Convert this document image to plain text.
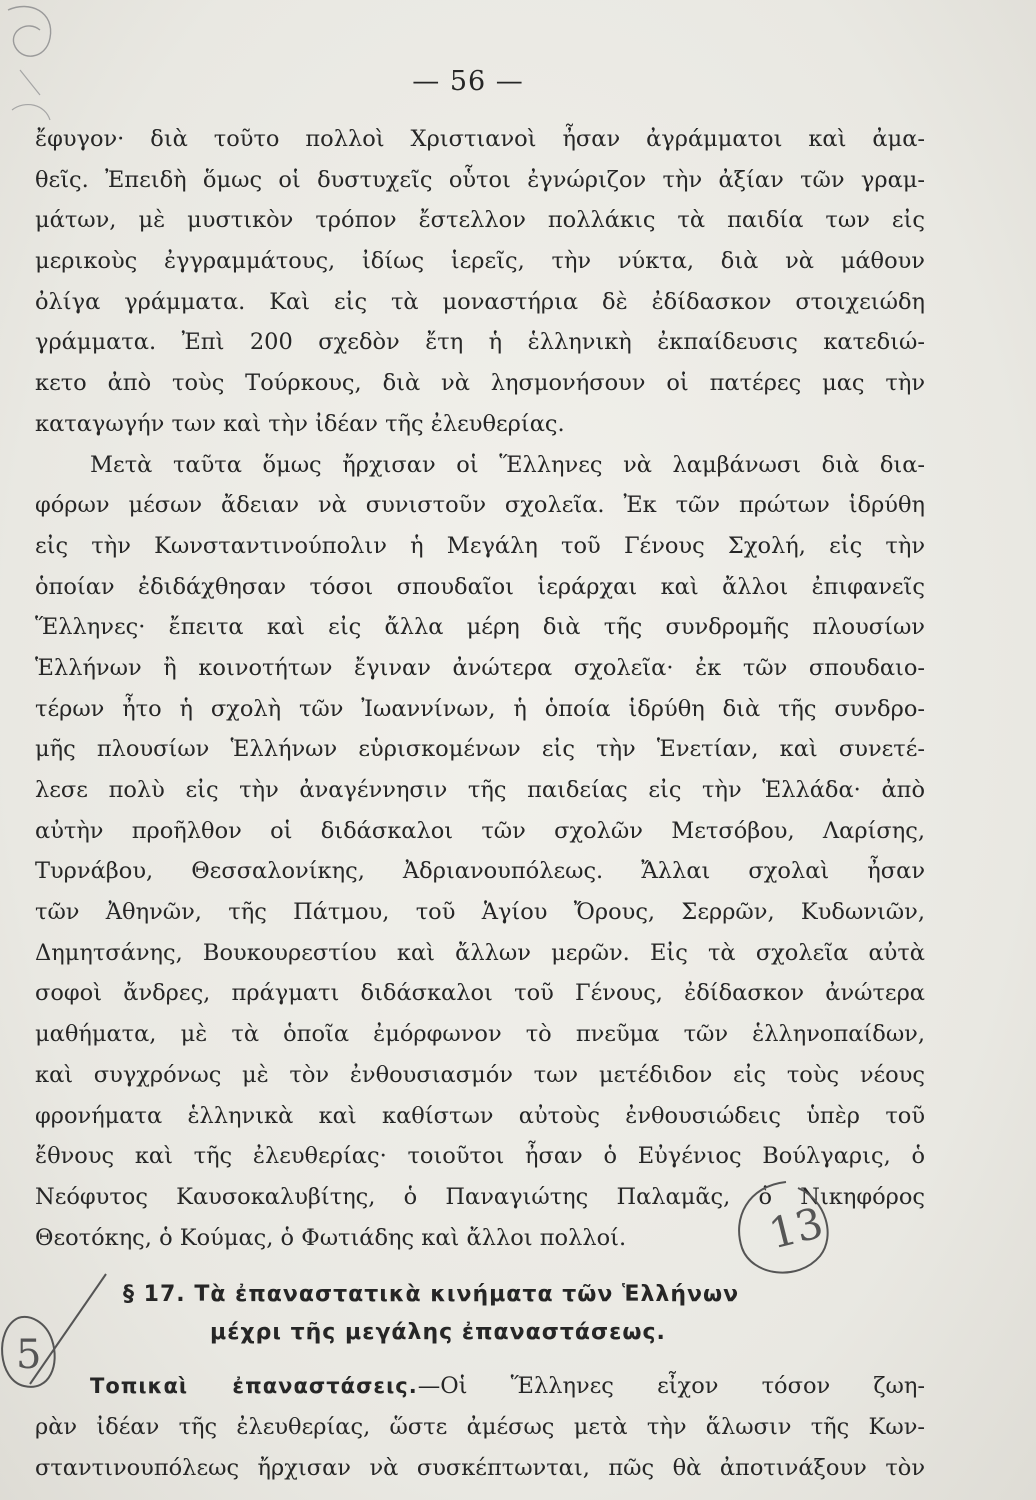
— 56 —
ἔφυγον· διὰ τοῦτο πολλοὶ Χριστιανοὶ ἦσαν ἀγράμματοι καὶ ἀμα-
θεῖς. Ἐπειδὴ ὅμως οἱ δυστυχεῖς οὗτοι ἐγνώριζον τὴν ἀξίαν τῶν γραμ-
μάτων, μὲ μυστικὸν τρόπον ἔστελλον πολλάκις τὰ παιδία των εἰς
μερικοὺς ἐγγραμμάτους, ἰδίως ἱερεῖς, τὴν νύκτα, διὰ νὰ μάθουν
ὀλίγα γράμματα. Καὶ εἰς τὰ μοναστήρια δὲ ἐδίδασκον στοιχειώδη
γράμματα. Ἐπὶ 200 σχεδὸν ἔτη ἡ ἑλληνικὴ ἐκπαίδευσις κατεδιώ-
κετο ἀπὸ τοὺς Τούρκους, διὰ νὰ λησμονήσουν οἱ πατέρες μας τὴν
καταγωγήν των καὶ τὴν ἰδέαν τῆς ἐλευθερίας.
Μετὰ ταῦτα ὅμως ἤρχισαν οἱ Ἕλληνες νὰ λαμβάνωσι διὰ δια-
φόρων μέσων ἄδειαν νὰ συνιστοῦν σχολεῖα. Ἐκ τῶν πρώτων ἱδρύθη
εἰς τὴν Κωνσταντινούπολιν ἡ Μεγάλη τοῦ Γένους Σχολή, εἰς τὴν
ὁποίαν ἐδιδάχθησαν τόσοι σπουδαῖοι ἱεράρχαι καὶ ἄλλοι ἐπιφανεῖς
Ἕλληνες· ἔπειτα καὶ εἰς ἄλλα μέρη διὰ τῆς συνδρομῆς πλουσίων
Ἑλλήνων ἢ κοινοτήτων ἔγιναν ἀνώτερα σχολεῖα· ἐκ τῶν σπουδαιο-
τέρων ἦτο ἡ σχολὴ τῶν Ἰωαννίνων, ἡ ὁποία ἱδρύθη διὰ τῆς συνδρο-
μῆς πλουσίων Ἑλλήνων εὑρισκομένων εἰς τὴν Ἑνετίαν, καὶ συνετέ-
λεσε πολὺ εἰς τὴν ἀναγέννησιν τῆς παιδείας εἰς τὴν Ἑλλάδα· ἀπὸ
αὐτὴν προῆλθον οἱ διδάσκαλοι τῶν σχολῶν Μετσόβου, Λαρίσης,
Τυρνάβου, Θεσσαλονίκης, Ἀδριανουπόλεως. Ἄλλαι σχολαὶ ἦσαν
τῶν Ἀθηνῶν, τῆς Πάτμου, τοῦ Ἁγίου Ὄρους, Σερρῶν, Κυδωνιῶν,
Δημητσάνης, Βουκουρεστίου καὶ ἄλλων μερῶν. Εἰς τὰ σχολεῖα αὐτὰ
σοφοὶ ἄνδρες, πράγματι διδάσκαλοι τοῦ Γένους, ἐδίδασκον ἀνώτερα
μαθήματα, μὲ τὰ ὁποῖα ἐμόρφωνον τὸ πνεῦμα τῶν ἑλληνοπαίδων,
καὶ συγχρόνως μὲ τὸν ἐνθουσιασμόν των μετέδιδον εἰς τοὺς νέους
φρονήματα ἑλληνικὰ καὶ καθίστων αὐτοὺς ἐνθουσιώδεις ὑπὲρ τοῦ
ἔθνους καὶ τῆς ἐλευθερίας· τοιοῦτοι ἦσαν ὁ Εὐγένιος Βούλγαρις, ὁ
Νεόφυτος Καυσοκαλυβίτης, ὁ Παναγιώτης Παλαμᾶς, ὁ Νικηφόρος
Θεοτόκης, ὁ Κούμας, ὁ Φωτιάδης καὶ ἄλλοι πολλοί.
§ 17. Τὰ ἐπαναστατικὰ κινήματα τῶν Ἑλλήνων
μέχρι τῆς μεγάλης ἐπαναστάσεως.
Τοπικαὶ ἐπαναστάσεις.—Οἱ Ἕλληνες εἶχον τόσον ζωη-
ρὰν ἰδέαν τῆς ἐλευθερίας, ὥστε ἀμέσως μετὰ τὴν ἅλωσιν τῆς Κων-
σταντινουπόλεως ἤρχισαν νὰ συσκέπτωνται, πῶς θὰ ἀποτινάξουν τὸν
13
5
